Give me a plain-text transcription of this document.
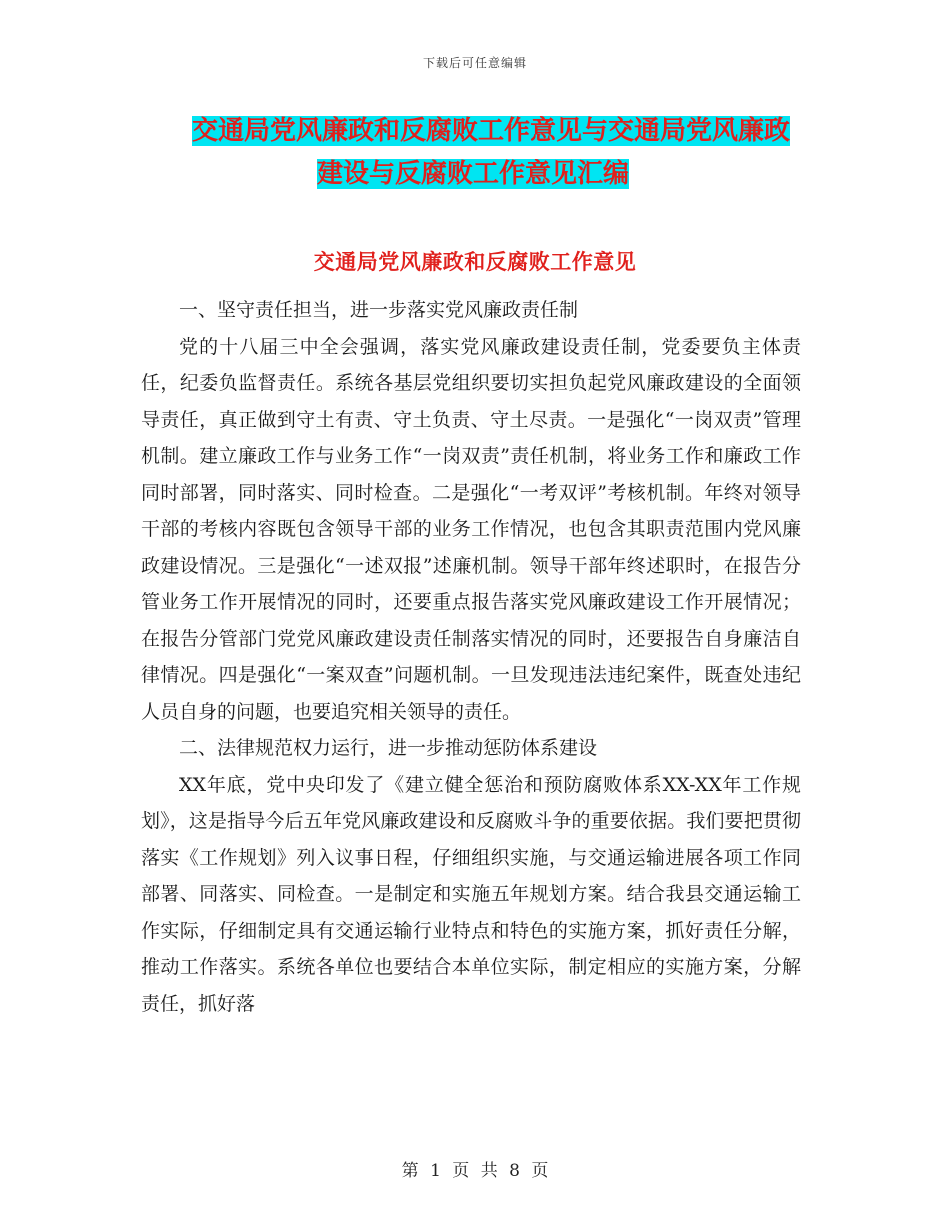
下载后可任意编辑
交通局党风廉政和反腐败工作意见与交通局党风廉政
建设与反腐败工作意见汇编
交通局党风廉政和反腐败工作意见

一、坚守责任担当，进一步落实党风廉政责任制

党的十八届三中全会强调，落实党风廉政建设责任制，党委要负主体责任，纪委负监督责任。系统各基层党组织要切实担负起党风廉政建设的全面领导责任，真正做到守土有责、守土负责、守土尽责。一是强化“一岗双责”管理机制。建立廉政工作与业务工作“一岗双责”责任机制，将业务工作和廉政工作同时部署，同时落实、同时检查。二是强化“一考双评”考核机制。年终对领导干部的考核内容既包含领导干部的业务工作情况，也包含其职责范围内党风廉政建设情况。三是强化“一述双报”述廉机制。领导干部年终述职时，在报告分管业务工作开展情况的同时，还要重点报告落实党风廉政建设工作开展情况；在报告分管部门党党风廉政建设责任制落实情况的同时，还要报告自身廉洁自律情况。四是强化“一案双查”问题机制。一旦发现违法违纪案件，既查处违纪人员自身的问题，也要追究相关领导的责任。

二、法律规范权力运行，进一步推动惩防体系建设

XX年底，党中央印发了《建立健全惩治和预防腐败体系XX-XX年工作规划》，这是指导今后五年党风廉政建设和反腐败斗争的重要依据。我们要把贯彻落实《工作规划》列入议事日程，仔细组织实施，与交通运输进展各项工作同部署、同落实、同检查。一是制定和实施五年规划方案。结合我县交通运输工作实际，仔细制定具有交通运输行业特点和特色的实施方案，抓好责任分解，推动工作落实。系统各单位也要结合本单位实际，制定相应的实施方案，分解责任，抓好落

第 1 页 共 8 页
